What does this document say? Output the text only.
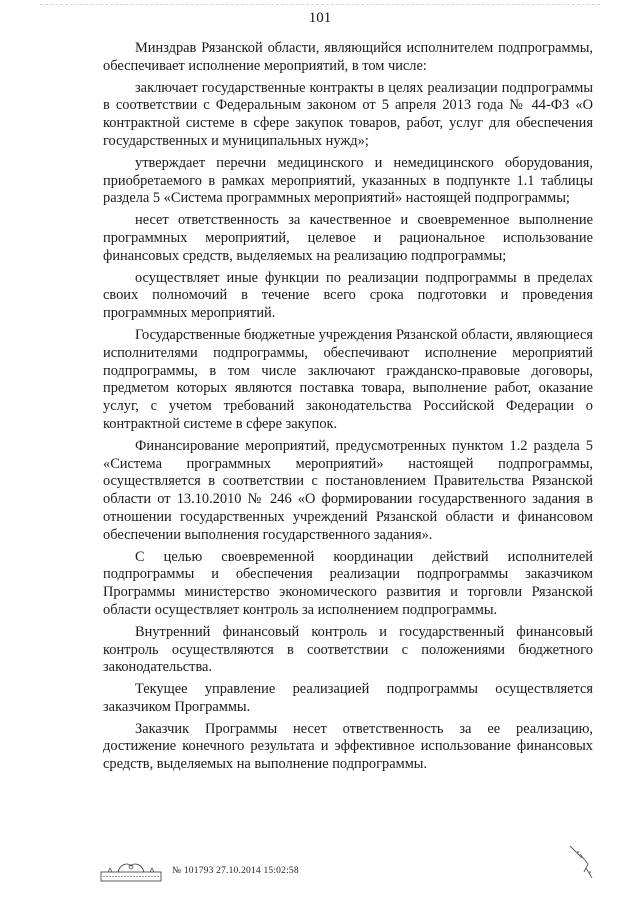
101

Минздрав Рязанской области, являющийся исполнителем подпрограммы, обеспечивает исполнение мероприятий, в том числе:

заключает государственные контракты в целях реализации подпрограммы в соответствии с Федеральным законом от 5 апреля 2013 года № 44-ФЗ «О контрактной системе в сфере закупок товаров, работ, услуг для обеспечения государственных и муниципальных нужд»;

утверждает перечни медицинского и немедицинского оборудования, приобретаемого в рамках мероприятий, указанных в подпункте 1.1 таблицы раздела 5 «Система программных мероприятий» настоящей подпрограммы;

несет ответственность за качественное и своевременное выполнение программных мероприятий, целевое и рациональное использование финансовых средств, выделяемых на реализацию подпрограммы;

осуществляет иные функции по реализации подпрограммы в пределах своих полномочий в течение всего срока подготовки и проведения программных мероприятий.

Государственные бюджетные учреждения Рязанской области, являющиеся исполнителями подпрограммы, обеспечивают исполнение мероприятий подпрограммы, в том числе заключают гражданско-правовые договоры, предметом которых являются поставка товара, выполнение работ, оказание услуг, с учетом требований законодательства Российской Федерации о контрактной системе в сфере закупок.

Финансирование мероприятий, предусмотренных пунктом 1.2 раздела 5 «Система программных мероприятий» настоящей подпрограммы, осуществляется в соответствии с постановлением Правительства Рязанской области от 13.10.2010 № 246 «О формировании государственного задания в отношении государственных учреждений Рязанской области и финансовом обеспечении выполнения государственного задания».

С целью своевременной координации действий исполнителей подпрограммы и обеспечения реализации подпрограммы заказчиком Программы министерство экономического развития и торговли Рязанской области осуществляет контроль за исполнением подпрограммы.

Внутренний финансовый контроль и государственный финансовый контроль осуществляются в соответствии с положениями бюджетного законодательства.

Текущее управление реализацией подпрограммы осуществляется заказчиком Программы.

Заказчик Программы несет ответственность за ее реализацию, достижение конечного результата и эффективное использование финансовых средств, выделяемых на выполнение подпрограммы.

№ 101793 27.10.2014 15:02:58
